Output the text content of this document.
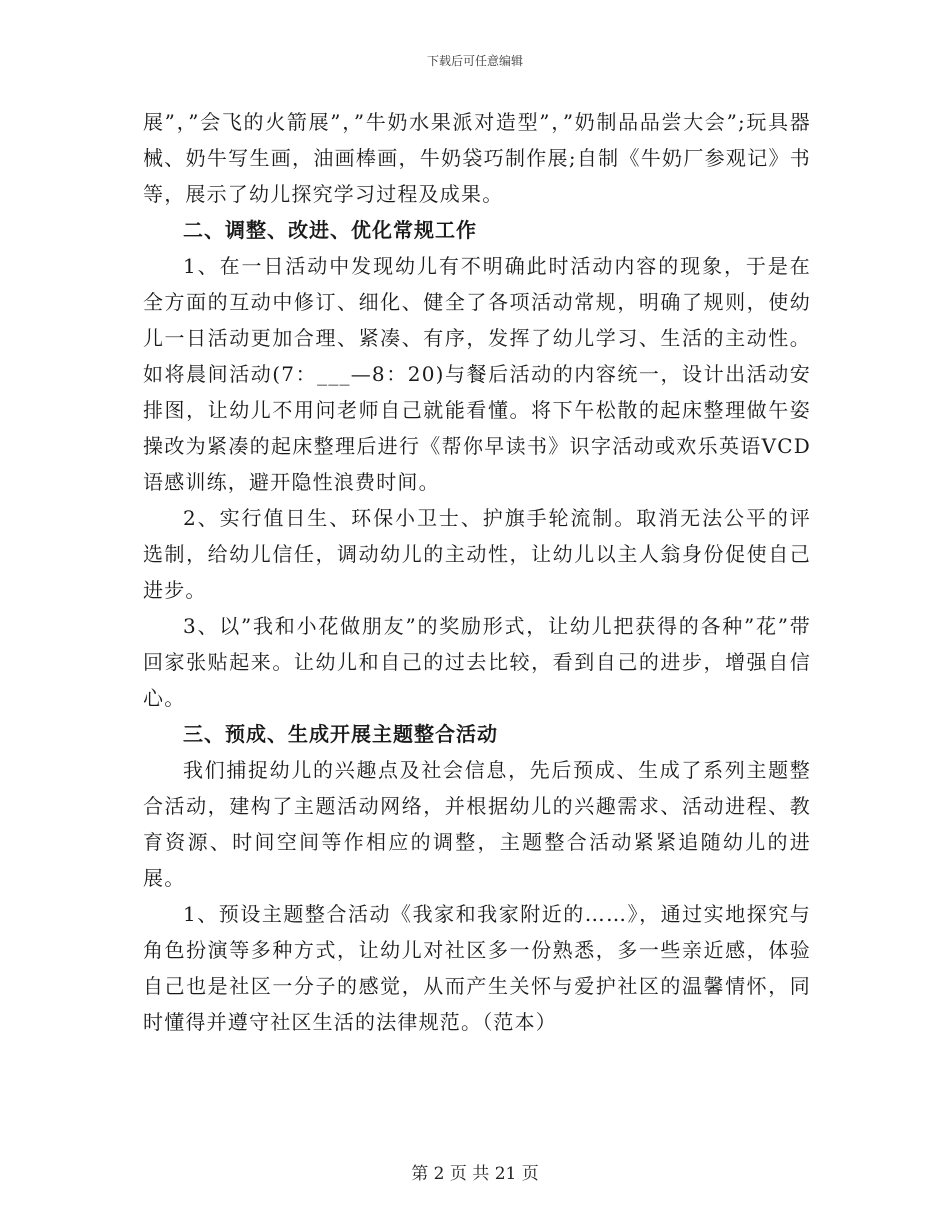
下载后可任意编辑

展”，”会飞的火箭展”，”牛奶水果派对造型”，”奶制品品尝大会”;玩具器械、奶牛写生画，油画棒画，牛奶袋巧制作展;自制《牛奶厂参观记》书等，展示了幼儿探究学习过程及成果。

二、调整、改进、优化常规工作

1、在一日活动中发现幼儿有不明确此时活动内容的现象，于是在全方面的互动中修订、细化、健全了各项活动常规，明确了规则，使幼儿一日活动更加合理、紧凑、有序，发挥了幼儿学习、生活的主动性。如将晨间活动(7：___—8：20)与餐后活动的内容统一，设计出活动安排图，让幼儿不用问老师自己就能看懂。将下午松散的起床整理做午姿操改为紧凑的起床整理后进行《帮你早读书》识字活动或欢乐英语VCD语感训练，避开隐性浪费时间。

2、实行值日生、环保小卫士、护旗手轮流制。取消无法公平的评选制，给幼儿信任，调动幼儿的主动性，让幼儿以主人翁身份促使自己进步。

3、以”我和小花做朋友”的奖励形式，让幼儿把获得的各种”花”带回家张贴起来。让幼儿和自己的过去比较，看到自己的进步，增强自信心。

三、预成、生成开展主题整合活动

我们捕捉幼儿的兴趣点及社会信息，先后预成、生成了系列主题整合活动，建构了主题活动网络，并根据幼儿的兴趣需求、活动进程、教育资源、时间空间等作相应的调整，主题整合活动紧紧追随幼儿的进展。

1、预设主题整合活动《我家和我家附近的……》，通过实地探究与角色扮演等多种方式，让幼儿对社区多一份熟悉，多一些亲近感，体验自己也是社区一分子的感觉，从而产生关怀与爱护社区的温馨情怀，同时懂得并遵守社区生活的法律规范。（范本）

第 2 页 共 21 页
